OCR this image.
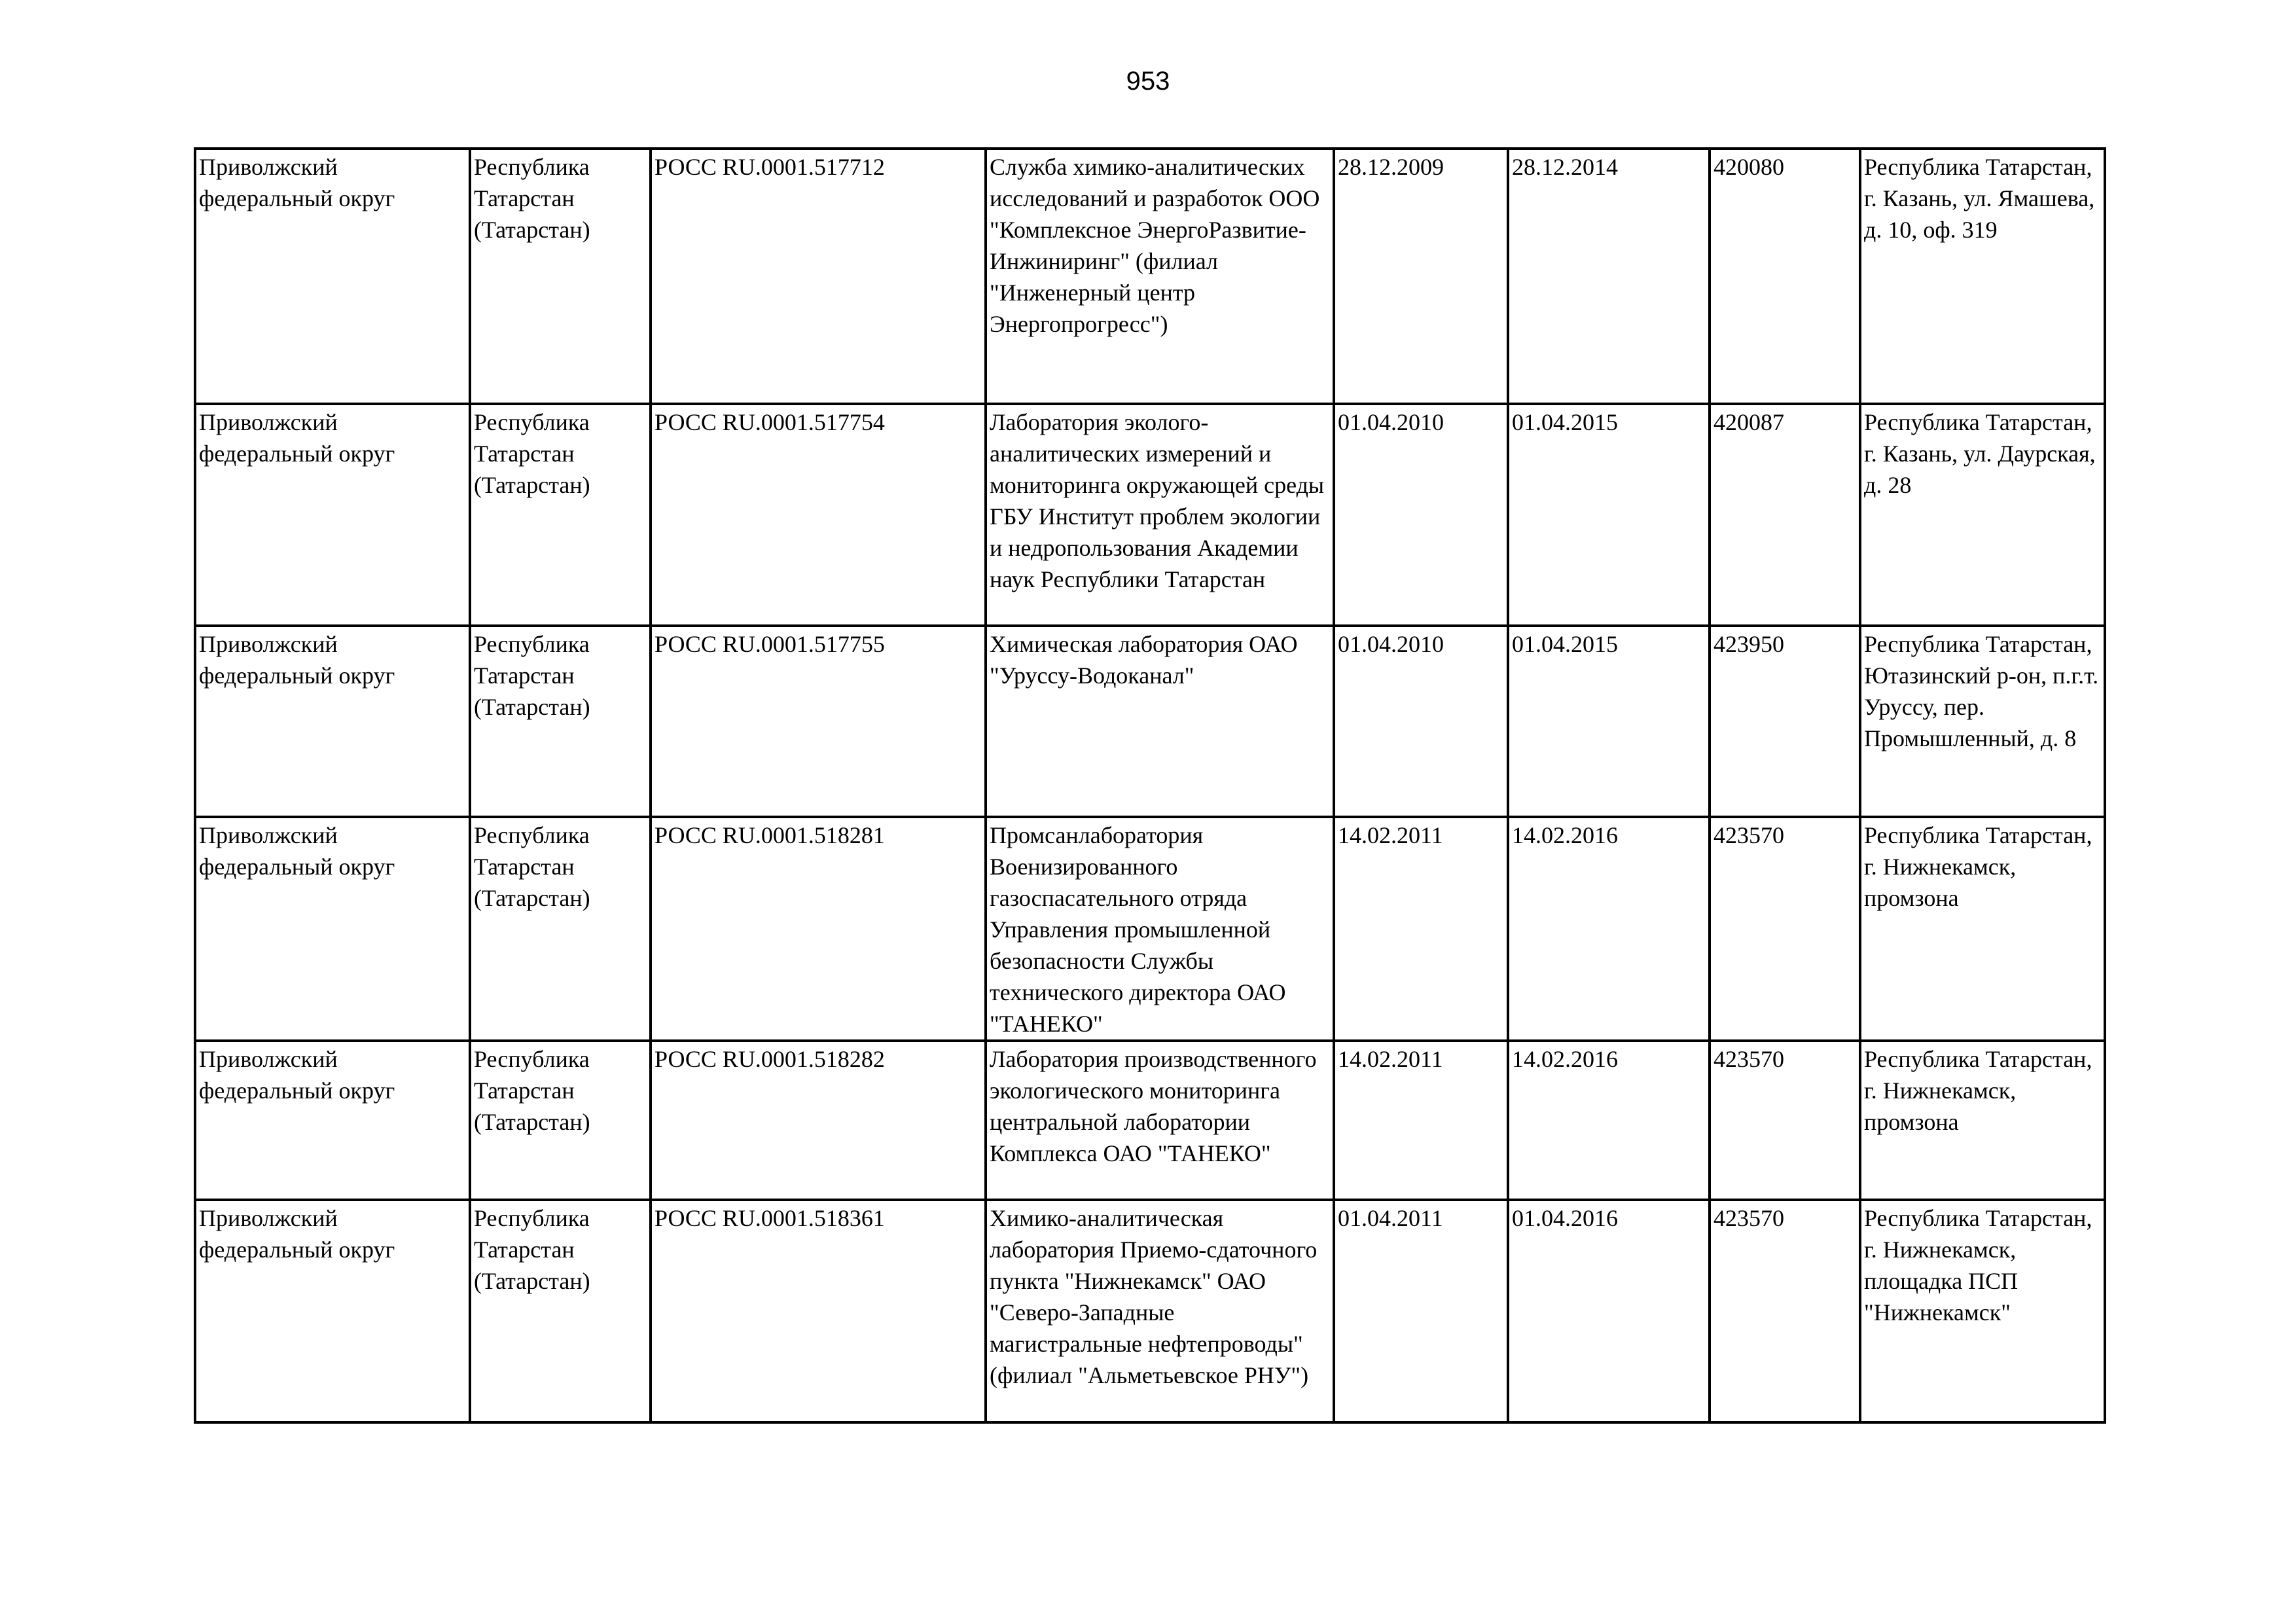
953
Приволжский федеральный округ	Республика Татарстан (Татарстан)	РОСС RU.0001.517712	Служба химико-аналитических исследований и разработок ООО "Комплексное ЭнергоРазвитие-Инжиниринг" (филиал "Инженерный центр Энергопрогресс")	28.12.2009	28.12.2014	420080	Республика Татарстан, г. Казань, ул. Ямашева, д. 10, оф. 319
Приволжский федеральный округ	Республика Татарстан (Татарстан)	РОСС RU.0001.517754	Лаборатория эколого-аналитических измерений и мониторинга окружающей среды ГБУ Институт проблем экологии и недропользования Академии наук Республики Татарстан	01.04.2010	01.04.2015	420087	Республика Татарстан, г. Казань, ул. Даурская, д. 28
Приволжский федеральный округ	Республика Татарстан (Татарстан)	РОСС RU.0001.517755	Химическая лаборатория ОАО "Уруссу-Водоканал"	01.04.2010	01.04.2015	423950	Республика Татарстан, Ютазинский р-он, п.г.т. Уруссу, пер. Промышленный, д. 8
Приволжский федеральный округ	Республика Татарстан (Татарстан)	РОСС RU.0001.518281	Промсанлаборатория Военизированного газоспасательного отряда Управления промышленной безопасности Службы технического директора ОАО "ТАНЕКО"	14.02.2011	14.02.2016	423570	Республика Татарстан, г. Нижнекамск, промзона
Приволжский федеральный округ	Республика Татарстан (Татарстан)	РОСС RU.0001.518282	Лаборатория производственного экологического мониторинга центральной лаборатории Комплекса ОАО "ТАНЕКО"	14.02.2011	14.02.2016	423570	Республика Татарстан, г. Нижнекамск, промзона
Приволжский федеральный округ	Республика Татарстан (Татарстан)	РОСС RU.0001.518361	Химико-аналитическая лаборатория Приемо-сдаточного пункта "Нижнекамск" ОАО "Северо-Западные магистральные нефтепроводы" (филиал "Альметьевское РНУ")	01.04.2011	01.04.2016	423570	Республика Татарстан, г. Нижнекамск, площадка ПСП "Нижнекамск"
